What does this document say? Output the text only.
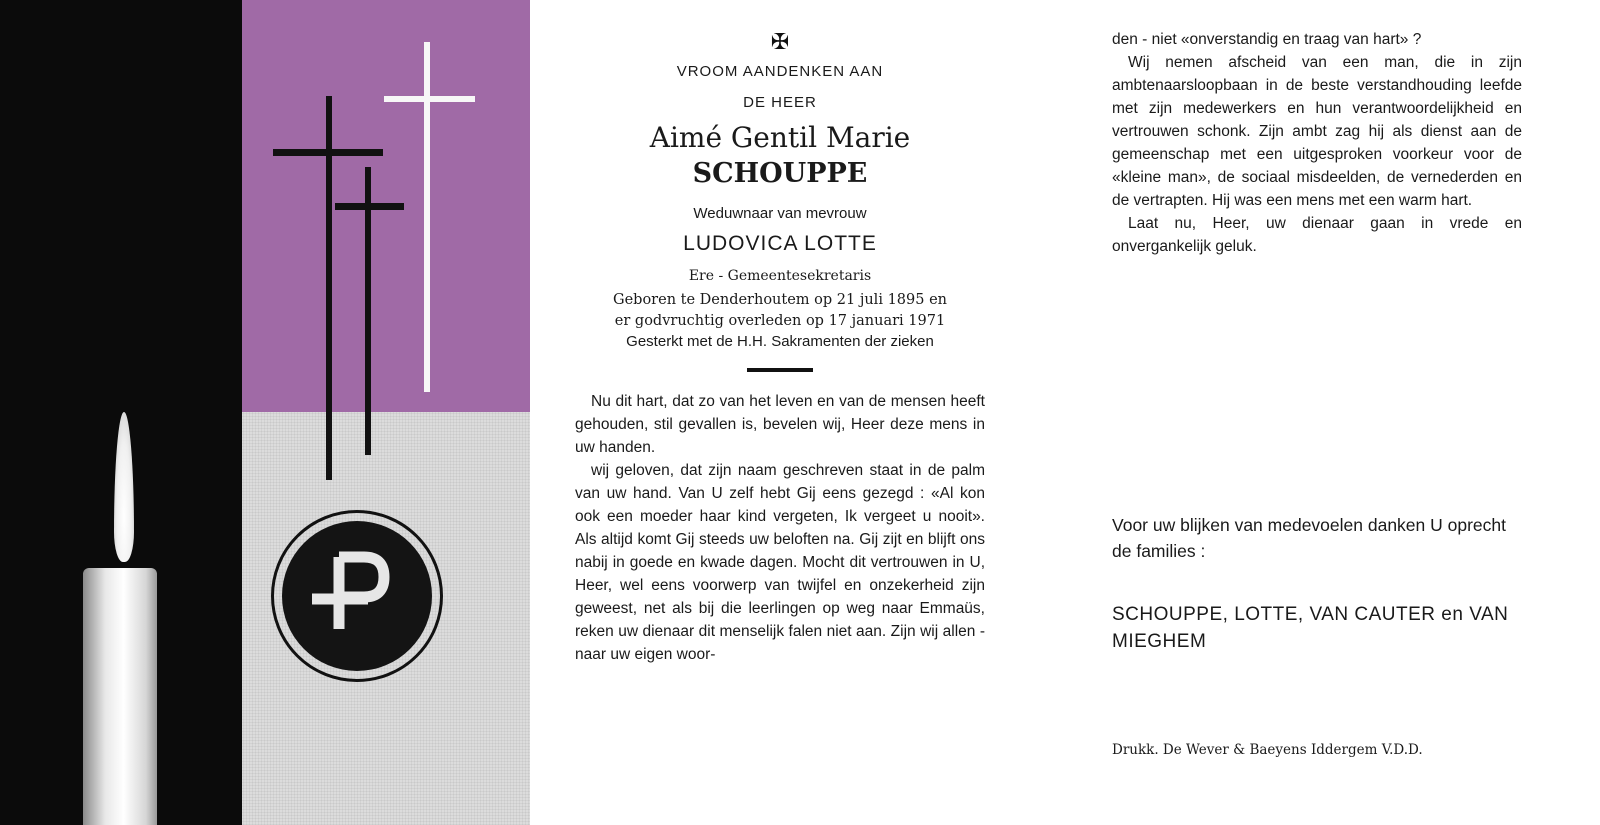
✠
VROOM AANDENKEN AAN
DE HEER
Aimé Gentil Marie
SCHOUPPE
Weduwnaar van mevrouw
LUDOVICA LOTTE
Ere - Gemeentesekretaris
Geboren te Denderhoutem op 21 juli 1895 en
er godvruchtig overleden op 17 januari 1971
Gesterkt met de H.H. Sakramenten der zieken

Nu dit hart, dat zo van het leven en van de mensen heeft gehouden, stil gevallen is, bevelen wij, Heer deze mens in uw handen.

wij geloven, dat zijn naam geschreven staat in de palm van uw hand. Van U zelf hebt Gij eens gezegd : «Al kon ook een moeder haar kind vergeten, Ik vergeet u nooit». Als altijd komt Gij steeds uw beloften na. Gij zijt en blijft ons nabij in goede en kwade dagen. Mocht dit vertrouwen in U, Heer, wel eens voorwerp van twijfel en onzekerheid zijn geweest, net als bij die leerlingen op weg naar Emmaüs, reken uw dienaar dit menselijk falen niet aan. Zijn wij allen - naar uw eigen woor-

den - niet «onverstandig en traag van hart» ?

Wij nemen afscheid van een man, die in zijn ambtenaarsloopbaan in de beste verstandhouding leefde met zijn medewerkers en hun verantwoordelijkheid en vertrouwen schonk. Zijn ambt zag hij als dienst aan de gemeenschap met een uitgesproken voorkeur voor de «kleine man», de sociaal misdeelden, de vernederden en de vertrapten. Hij was een mens met een warm hart.

Laat nu, Heer, uw dienaar gaan in vrede en onvergankelijk geluk.

Voor uw blijken van medevoelen danken U oprecht de families :
SCHOUPPE, LOTTE, VAN CAUTER en VAN MIEGHEM
Drukk. De Wever & Baeyens Iddergem V.D.D.
